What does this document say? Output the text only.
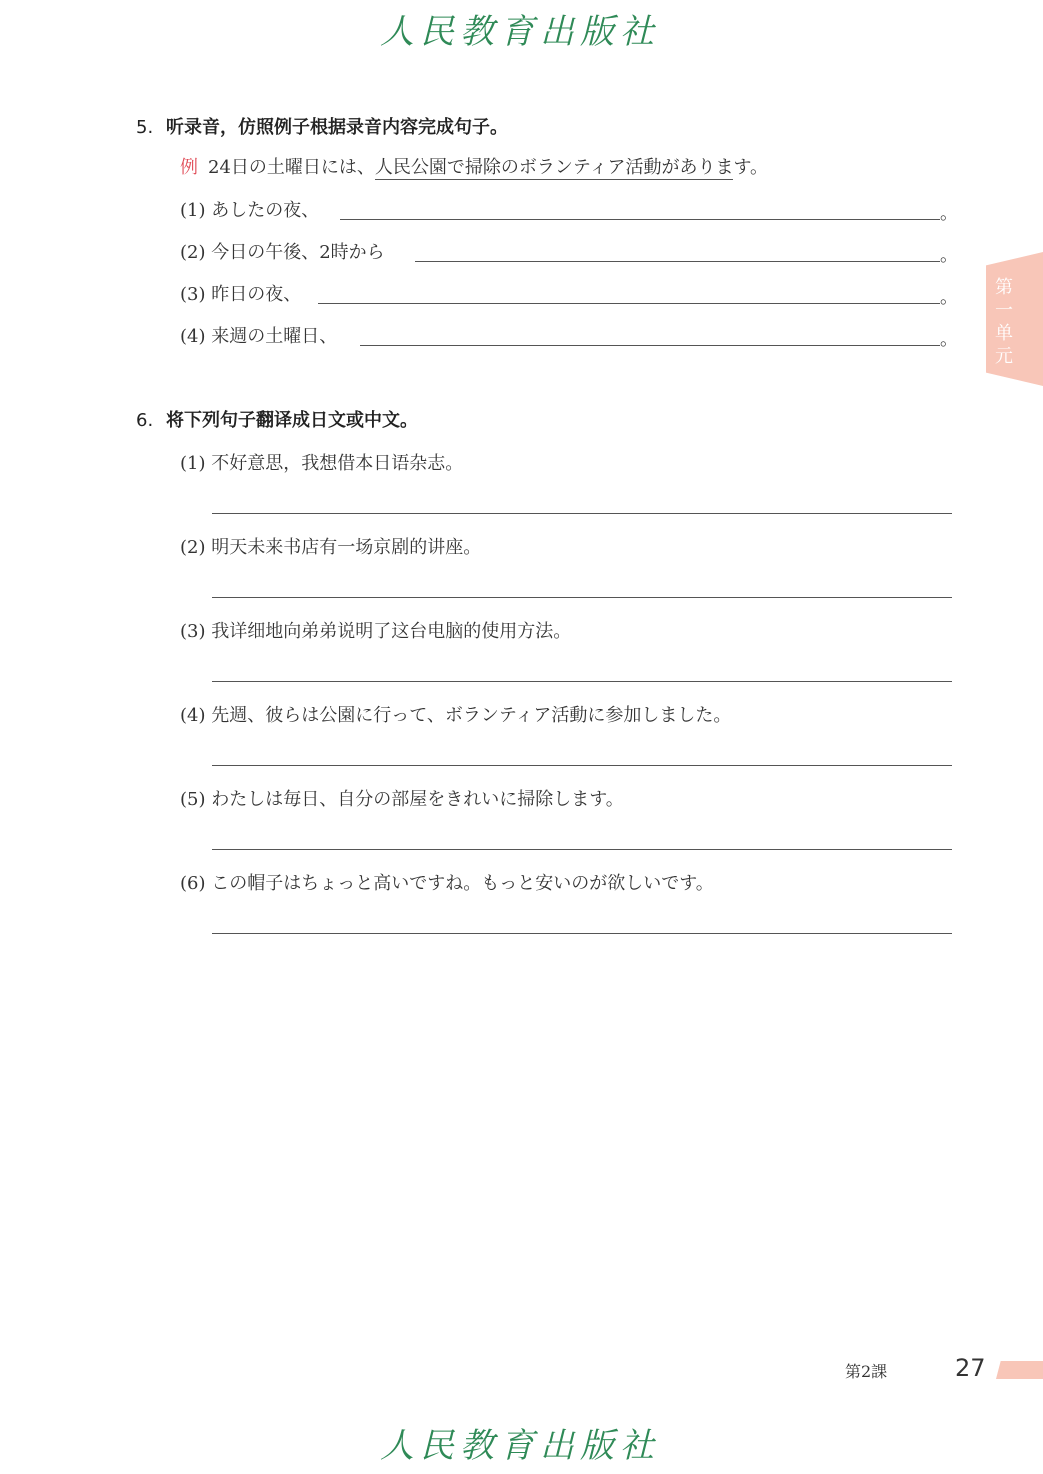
人民教育出版社
第一单元
5. 听录音，仿照例子根据录音内容完成句子。
例 24日の土曜日には、人民公園で掃除のボランティア活動があります。
(1) あしたの夜、	。
(2) 今日の午後、2時から	。
(3) 昨日の夜、	。
(4) 来週の土曜日、	。
6. 将下列句子翻译成日文或中文。
(1) 不好意思，我想借本日语杂志。
(2) 明天未来书店有一场京剧的讲座。
(3) 我详细地向弟弟说明了这台电脑的使用方法。
(4) 先週、彼らは公園に行って、ボランティア活動に参加しました。
(5) わたしは毎日、自分の部屋をきれいに掃除します。
(6) この帽子はちょっと高いですね。もっと安いのが欲しいです。
第2課	27
人民教育出版社
